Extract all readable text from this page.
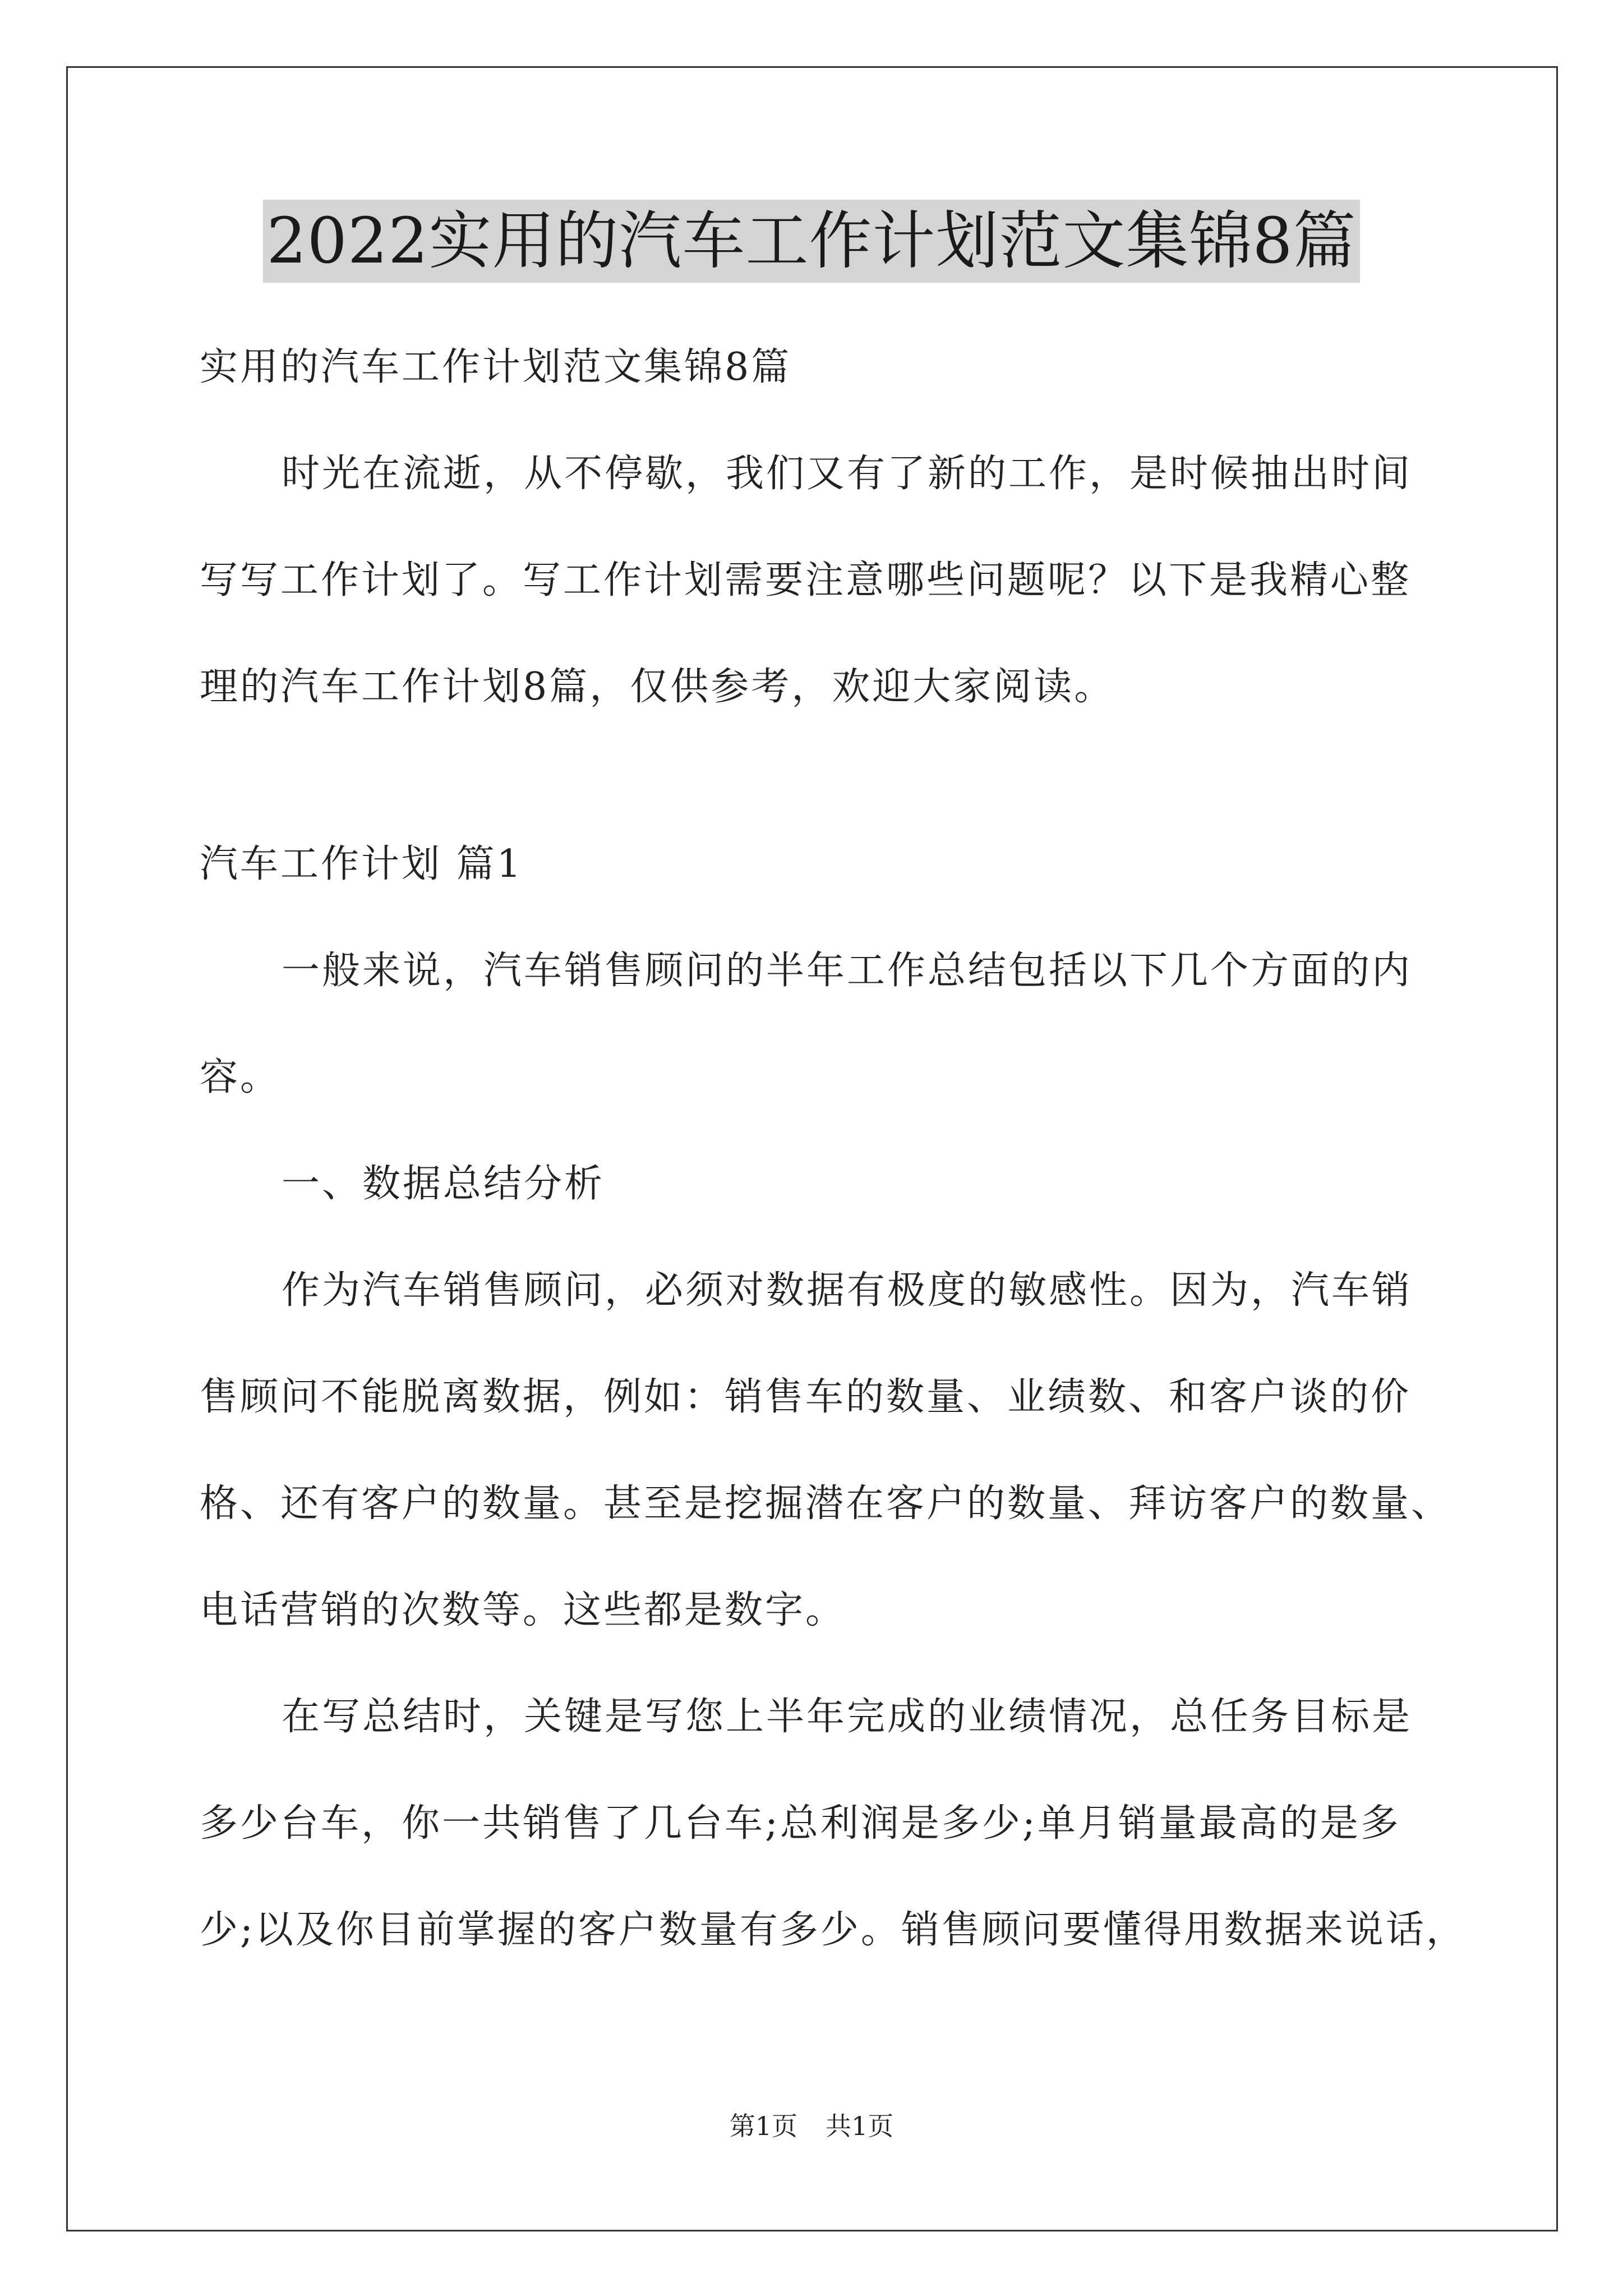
2022实用的汽车工作计划范文集锦8篇
实用的汽车工作计划范文集锦8篇
时光在流逝，从不停歇，我们又有了新的工作，是时候抽出时间
写写工作计划了。写工作计划需要注意哪些问题呢？以下是我精心整
理的汽车工作计划8篇，仅供参考，欢迎大家阅读。
汽车工作计划 篇1
一般来说，汽车销售顾问的半年工作总结包括以下几个方面的内
容。
一、数据总结分析
作为汽车销售顾问，必须对数据有极度的敏感性。因为，汽车销
售顾问不能脱离数据，例如：销售车的数量、业绩数、和客户谈的价
格、还有客户的数量。甚至是挖掘潜在客户的数量、拜访客户的数量、
电话营销的次数等。这些都是数字。
在写总结时，关键是写您上半年完成的业绩情况，总任务目标是
多少台车，你一共销售了几台车;总利润是多少;单月销量最高的是多
少;以及你目前掌握的客户数量有多少。销售顾问要懂得用数据来说话，
第1页 共1页
